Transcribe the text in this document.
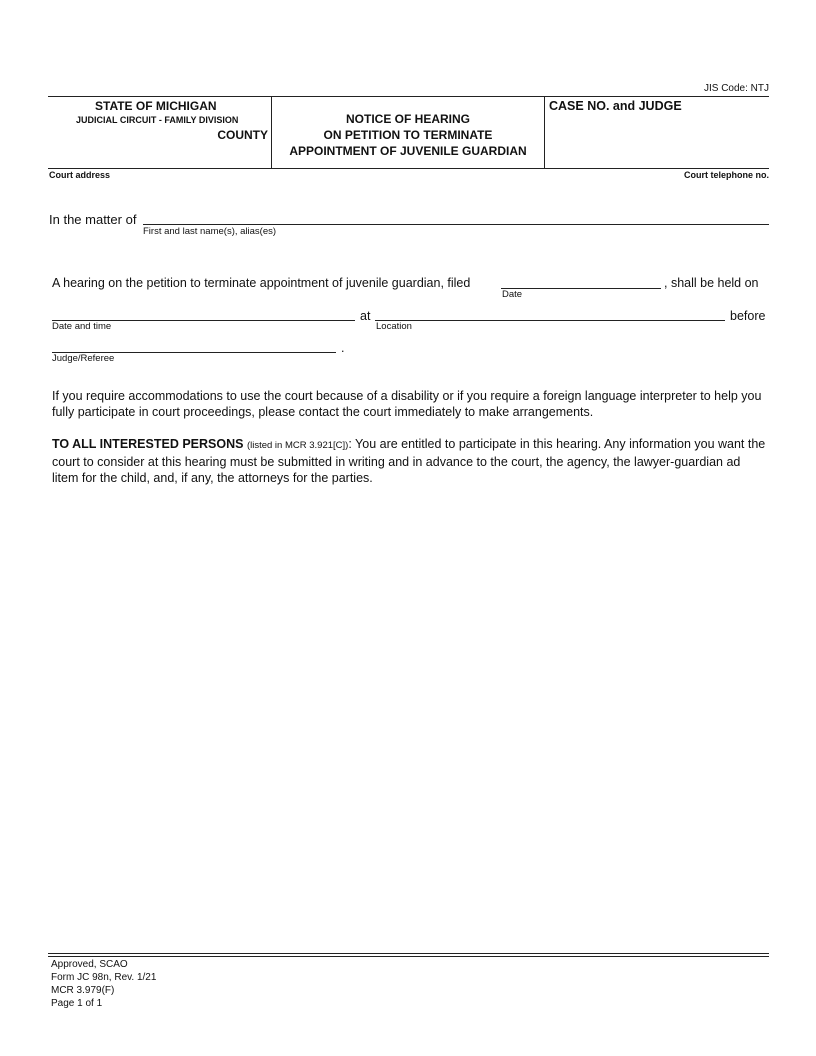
JIS Code: NTJ
STATE OF MICHIGAN
JUDICIAL CIRCUIT - FAMILY DIVISION
COUNTY
NOTICE OF HEARING
ON PETITION TO TERMINATE
APPOINTMENT OF JUVENILE GUARDIAN
CASE NO. and JUDGE
Court address	Court telephone no.
In the matter of
First and last name(s), alias(es)
A hearing on the petition to terminate appointment of juvenile guardian, filed
Date
, shall be held on
Date and time
at
Location
before
Judge/Referee
.
If you require accommodations to use the court because of a disability or if you require a foreign language interpreter to help you fully participate in court proceedings, please contact the court immediately to make arrangements.
TO ALL INTERESTED PERSONS (listed in MCR 3.921[C]): You are entitled to participate in this hearing. Any information you want the court to consider at this hearing must be submitted in writing and in advance to the court, the agency, the lawyer-guardian ad litem for the child, and, if any, the attorneys for the parties.
Approved, SCAO
Form JC 98n, Rev. 1/21
MCR 3.979(F)
Page 1 of 1
